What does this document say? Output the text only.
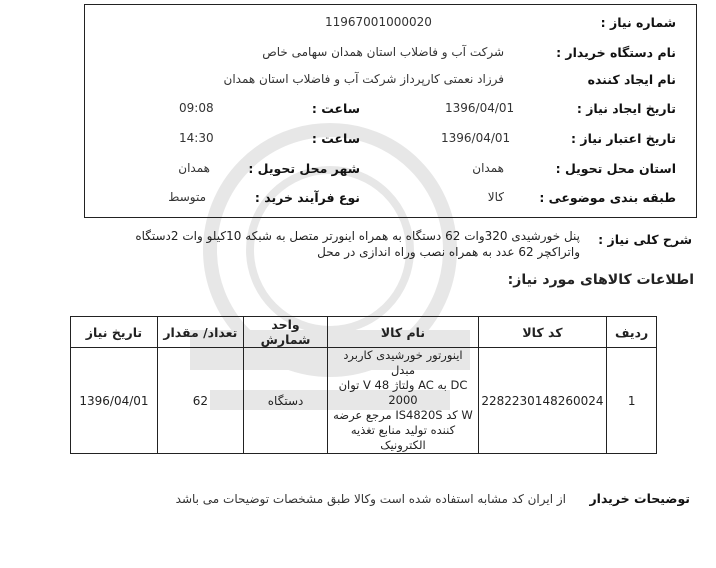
شماره نیاز :
11967001000020
نام دستگاه خریدار :
شرکت آب و فاضلاب استان همدان سهامی خاص
نام ایجاد کننده
فرزاد نعمتی کارپرداز شرکت آب و فاضلاب استان همدان
تاریخ ایجاد نیاز :
1396/04/01
ساعت :
09:08
تاریخ اعتبار نیاز :
1396/04/01
ساعت :
14:30
استان محل تحویل :
همدان
شهر محل تحویل :
همدان
طبقه بندی موضوعی :
کالا
نوع فرآیند خرید :
متوسط
شرح کلی نیاز :
پنل خورشیدی 320وات 62 دستگاه به همراه اینورتر متصل به شبکه 10کیلو وات 2دستگاه
واتراکچر 62 عدد به همراه نصب وراه اندازی در محل
اطلاعات کالاهای مورد نیاز:
ردیف	کد کالا	نام کالا	واحد شمارش	تعداد/ مقدار	تاریخ نیاز
1	2282230148260024	اینورتور خورشیدی کاربرد مبدل
DC به AC ولتاژ 48 V توان 2000
W کد IS4820S مرجع عرضه
کننده تولید منابع تغذیه الکترونیک	دستگاه	62	1396/04/01
توضیحات خریدار
از ایران کد مشابه استفاده شده است وکالا طبق مشخصات توضیحات می باشد
